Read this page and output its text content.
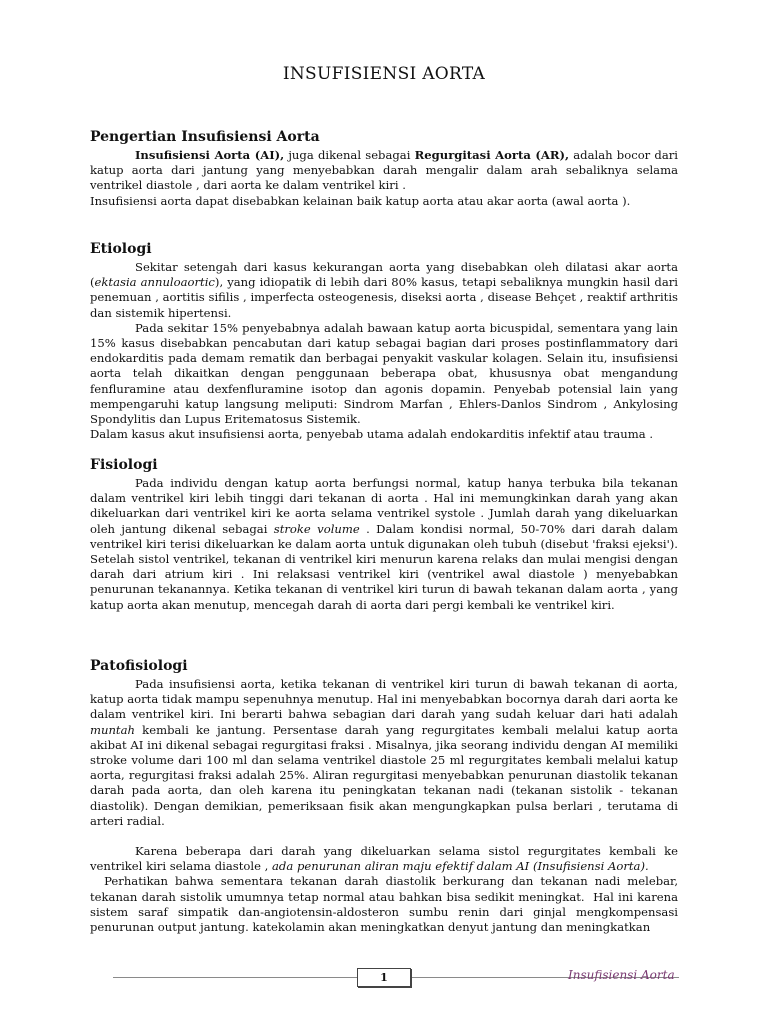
INSUFISIENSI AORTA
Pengertian Insufisiensi Aorta

Insufisiensi Aorta (AI), juga dikenal sebagai Regurgitasi Aorta (AR), adalah bocor dari katup aorta dari jantung yang menyebabkan darah mengalir dalam arah sebaliknya selama ventrikel diastole , dari aorta ke dalam ventrikel kiri .

Insufisiensi aorta dapat disebabkan kelainan baik katup aorta atau akar aorta (awal aorta ).

Etiologi

Sekitar setengah dari kasus kekurangan aorta yang disebabkan oleh dilatasi akar aorta (ektasia annuloaortic), yang idiopatik di lebih dari 80% kasus, tetapi sebaliknya mungkin hasil dari penemuan , aortitis sifilis , imperfecta osteogenesis, diseksi aorta , disease Behçet , reaktif arthritis dan sistemik hipertensi.

Pada sekitar 15% penyebabnya adalah bawaan katup aorta bicuspidal, sementara yang lain 15% kasus disebabkan pencabutan dari katup sebagai bagian dari proses postinflammatory dari endokarditis pada demam rematik dan berbagai penyakit vaskular kolagen. Selain itu, insufisiensi aorta telah dikaitkan dengan penggunaan beberapa obat, khususnya obat mengandung fenfluramine atau dexfenfluramine isotop dan agonis dopamin. Penyebab potensial lain yang mempengaruhi katup langsung meliputi: Sindrom Marfan , Ehlers-Danlos Sindrom , Ankylosing Spondylitis dan Lupus Eritematosus Sistemik.

Dalam kasus akut insufisiensi aorta, penyebab utama adalah endokarditis infektif atau trauma .

Fisiologi

Pada individu dengan katup aorta berfungsi normal, katup hanya terbuka bila tekanan dalam ventrikel kiri lebih tinggi dari tekanan di aorta . Hal ini memungkinkan darah yang akan dikeluarkan dari ventrikel kiri ke aorta selama ventrikel systole . Jumlah darah yang dikeluarkan oleh jantung dikenal sebagai stroke volume . Dalam kondisi normal, 50-70% dari darah dalam ventrikel kiri terisi dikeluarkan ke dalam aorta untuk digunakan oleh tubuh (disebut 'fraksi ejeksi'). Setelah sistol ventrikel, tekanan di ventrikel kiri menurun karena relaks dan mulai mengisi dengan darah dari atrium kiri . Ini relaksasi ventrikel kiri (ventrikel awal diastole ) menyebabkan penurunan tekanannya. Ketika tekanan di ventrikel kiri turun di bawah tekanan dalam aorta , yang katup aorta akan menutup, mencegah darah di aorta dari pergi kembali ke ventrikel kiri.

Patofisiologi

Pada insufisiensi aorta, ketika tekanan di ventrikel kiri turun di bawah tekanan di aorta, katup aorta tidak mampu sepenuhnya menutup. Hal ini menyebabkan bocornya darah dari aorta ke dalam ventrikel kiri. Ini berarti bahwa sebagian dari darah yang sudah keluar dari hati adalah muntah kembali ke jantung. Persentase darah yang regurgitates kembali melalui katup aorta akibat AI ini dikenal sebagai regurgitasi fraksi . Misalnya, jika seorang individu dengan AI memiliki stroke volume dari 100 ml dan selama ventrikel diastole 25 ml regurgitates kembali melalui katup aorta, regurgitasi fraksi adalah 25%. Aliran regurgitasi menyebabkan penurunan diastolik tekanan darah pada aorta, dan oleh karena itu peningkatan tekanan nadi (tekanan sistolik - tekanan diastolik). Dengan demikian, pemeriksaan fisik akan mengungkapkan pulsa berlari , terutama di arteri radial.

Karena beberapa dari darah yang dikeluarkan selama sistol regurgitates kembali ke ventrikel kiri selama diastole , ada penurunan aliran maju efektif dalam AI (Insufisiensi Aorta).

Perhatikan bahwa sementara tekanan darah diastolik berkurang dan tekanan nadi melebar, tekanan darah sistolik umumnya tetap normal atau bahkan bisa sedikit meningkat.  Hal ini karena sistem saraf simpatik dan-angiotensin-aldosteron sumbu renin dari ginjal mengkompensasi penurunan output jantung. katekolamin akan meningkatkan denyut jantung dan meningkatkan

1	Insufisiensi Aorta
